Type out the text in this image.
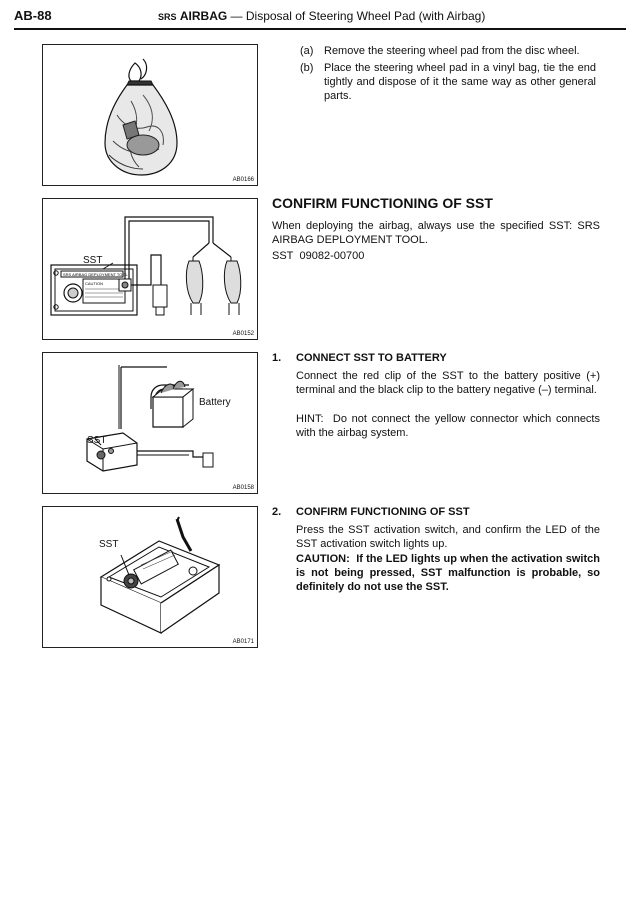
AB-88	SRS AIRBAG — Disposal of Steering Wheel Pad (with Airbag)
AB0166
SRS AIRBAG DEPLOYMENT TOOL
CAUTION
SST
AB0152
Battery
SST
AB0158
SST
AB0171
(a) Remove the steering wheel pad from the disc wheel.
(b) Place the steering wheel pad in a vinyl bag, tie the end tightly and dispose of it the same way as other general parts.
CONFIRM FUNCTIONING OF SST
When deploying the airbag, always use the specified SST: SRS AIRBAG DEPLOYMENT TOOL.
SST 09082-00700
1. CONNECT SST TO BATTERY
Connect the red clip of the SST to the battery positive (+) terminal and the black clip to the battery negative (–) terminal.
HINT: Do not connect the yellow connector which connects with the airbag system.
2. CONFIRM FUNCTIONING OF SST
Press the SST activation switch, and confirm the LED of the SST activation switch lights up.
CAUTION: If the LED lights up when the activation switch is not being pressed, SST malfunction is probable, so definitely do not use the SST.
